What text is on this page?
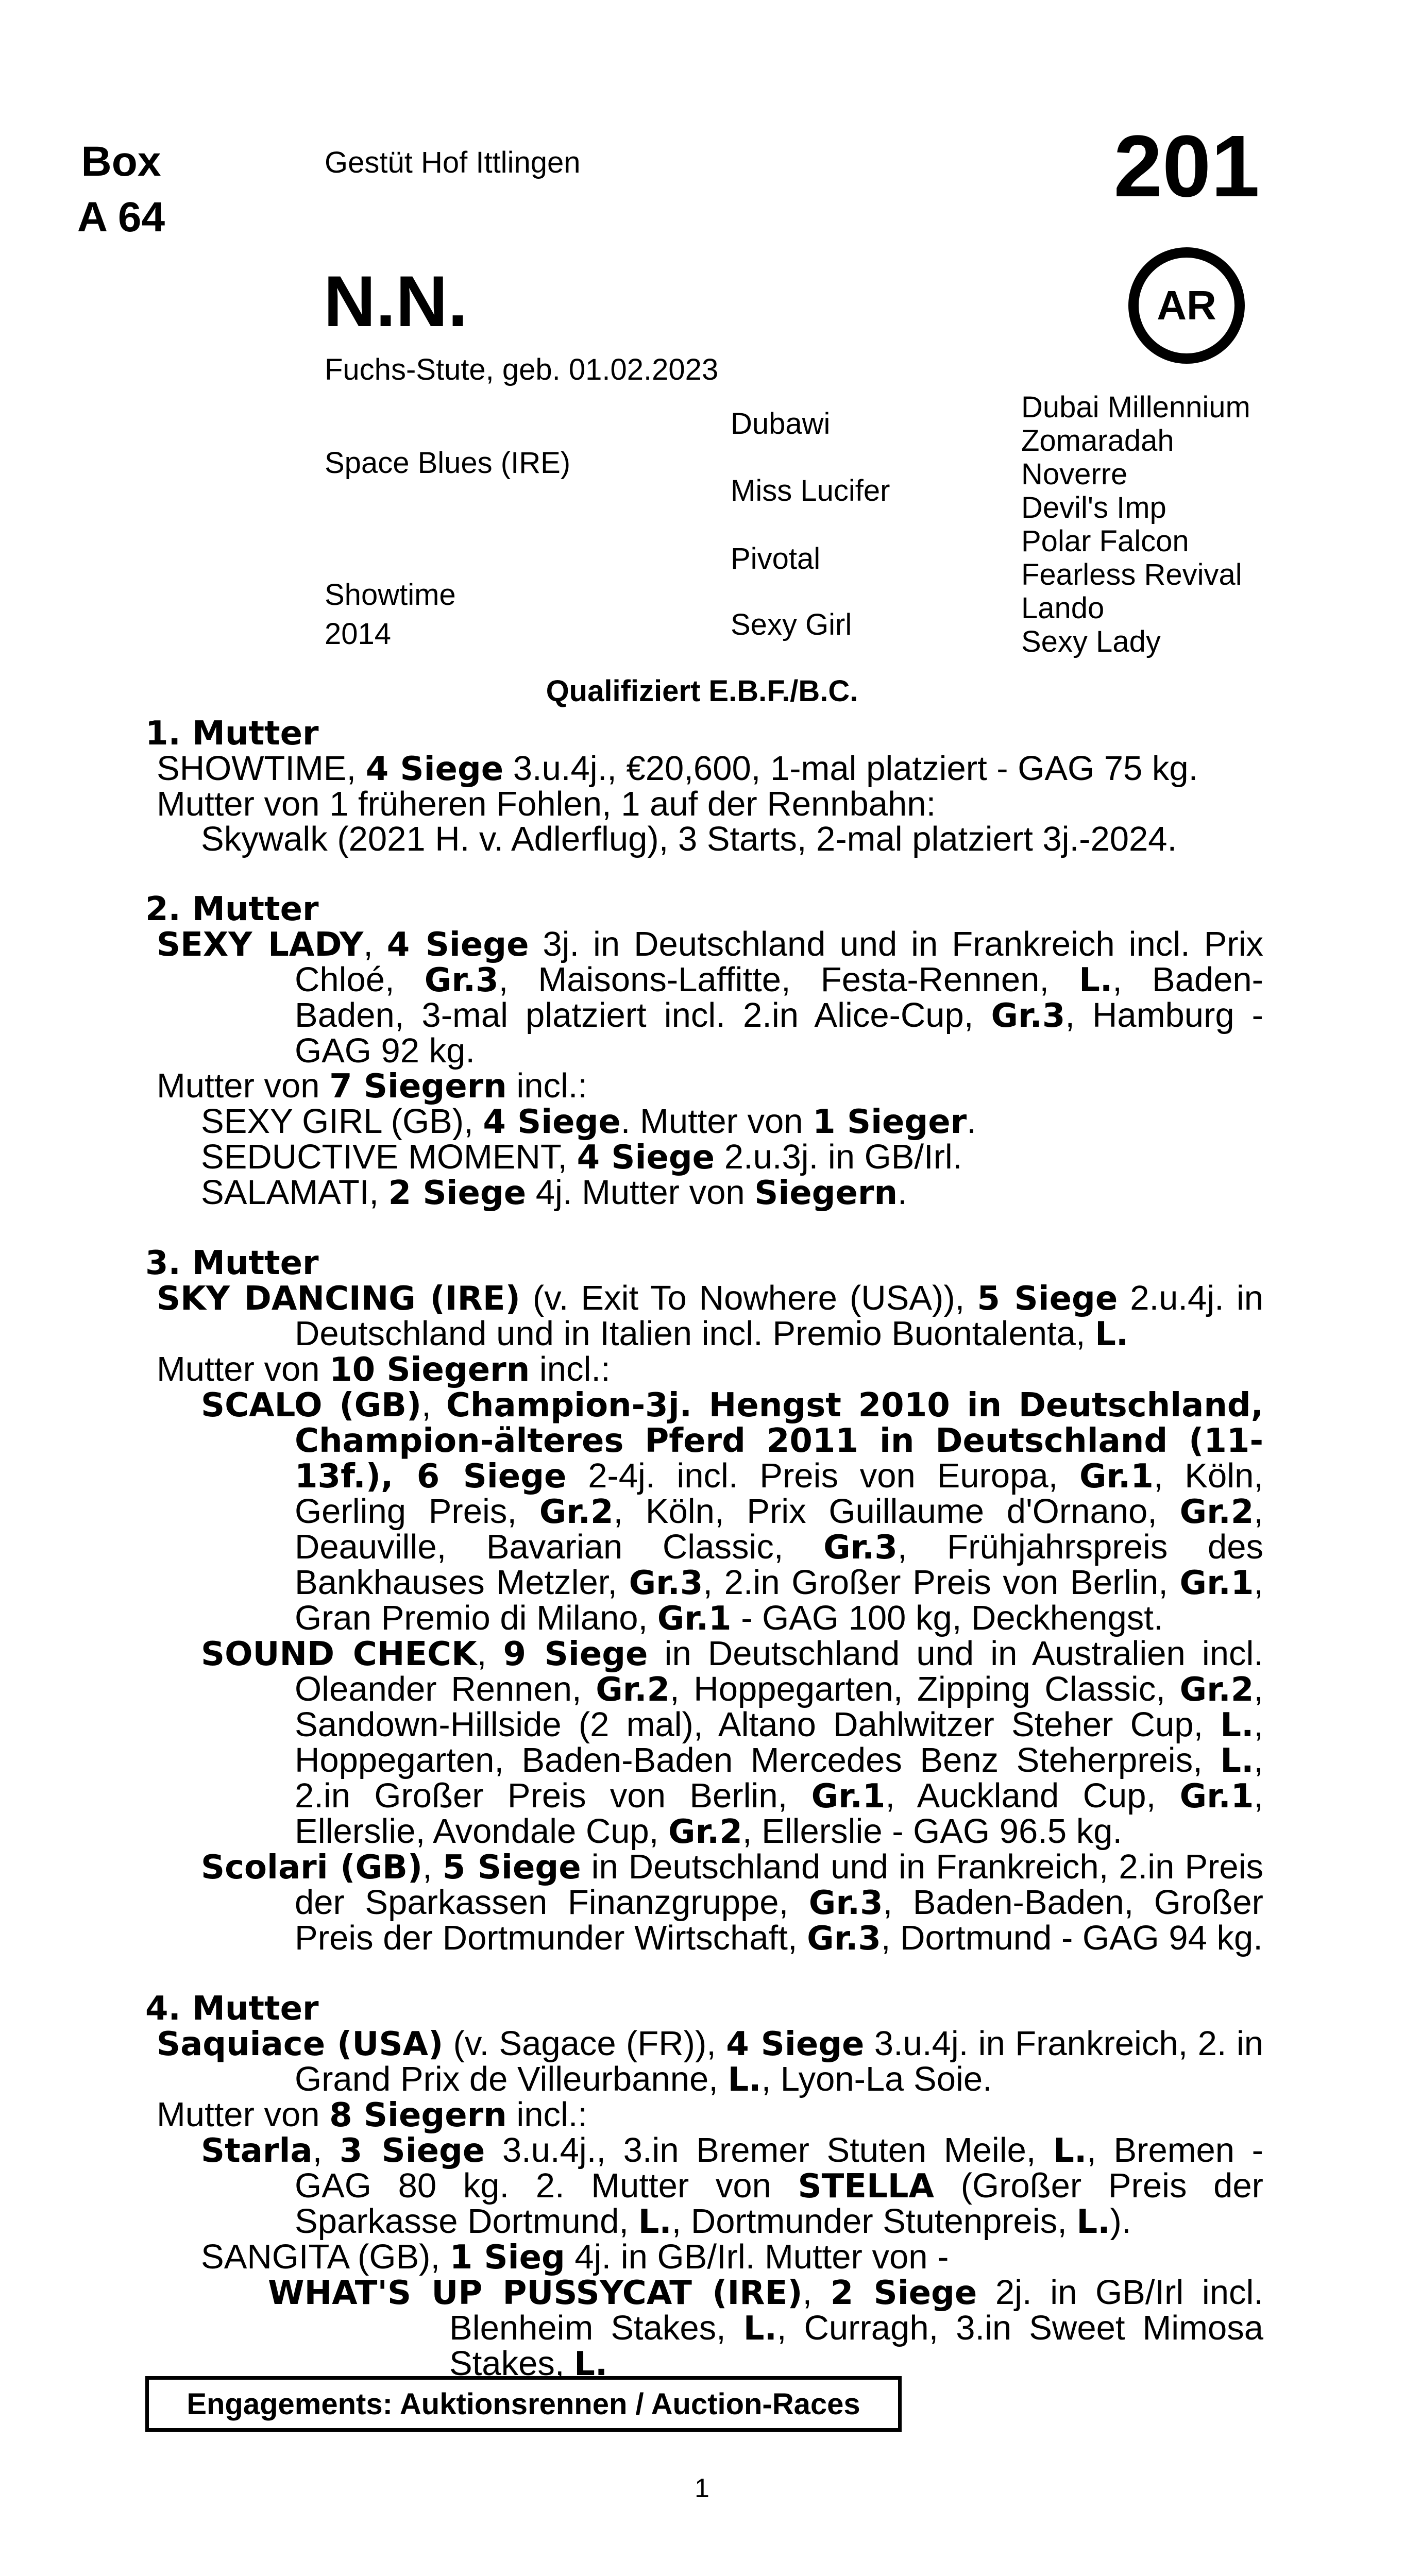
Box
A 64
Gestüt Hof Ittlingen	201
AR
N.N.
Fuchs-Stute, geb. 01.02.2023
Space Blues (IRE)
Showtime
2014
Dubawi
Miss Lucifer
Pivotal
Sexy Girl
Dubai Millennium
Zomaradah
Noverre
Devil's Imp
Polar Falcon
Fearless Revival
Lando
Sexy Lady
Qualifiziert E.B.F./B.C.
1. Mutter
SHOWTIME, 4 Siege 3.u.4j., €20,600, 1-mal platziert - GAG 75 kg.
Mutter von 1 früheren Fohlen, 1 auf der Rennbahn:
Skywalk (2021 H. v. Adlerflug), 3 Starts, 2-mal platziert 3j.-2024.
2. Mutter
SEXY LADY, 4 Siege 3j. in Deutschland und in Frankreich incl. Prix Chloé, Gr.3, Maisons-Laffitte, Festa-Rennen, L., Baden-Baden, 3-mal platziert incl. 2.in Alice-Cup, Gr.3, Hamburg - GAG 92 kg.
Mutter von 7 Siegern incl.:
SEXY GIRL (GB), 4 Siege. Mutter von 1 Sieger.
SEDUCTIVE MOMENT, 4 Siege 2.u.3j. in GB/Irl.
SALAMATI, 2 Siege 4j. Mutter von Siegern.
3. Mutter
SKY DANCING (IRE) (v. Exit To Nowhere (USA)), 5 Siege 2.u.4j. in Deutschland und in Italien incl. Premio Buontalenta, L.
Mutter von 10 Siegern incl.:
SCALO (GB), Champion-3j. Hengst 2010 in Deutschland, Champion-älteres Pferd 2011 in Deutschland (11-13f.), 6 Siege 2-4j. incl. Preis von Europa, Gr.1, Köln, Gerling Preis, Gr.2, Köln, Prix Guillaume d'Ornano, Gr.2, Deauville, Bavarian Classic, Gr.3, Frühjahrspreis des Bankhauses Metzler, Gr.3, 2.in Großer Preis von Berlin, Gr.1, Gran Premio di Milano, Gr.1 - GAG 100 kg, Deckhengst.
SOUND CHECK, 9 Siege in Deutschland und in Australien incl. Oleander Rennen, Gr.2, Hoppegarten, Zipping Classic, Gr.2, Sandown-Hillside (2 mal), Altano Dahlwitzer Steher Cup, L., Hoppegarten, Baden-Baden Mercedes Benz Steherpreis, L., 2.in Großer Preis von Berlin, Gr.1, Auckland Cup, Gr.1, Ellerslie, Avondale Cup, Gr.2, Ellerslie - GAG 96.5 kg.
Scolari (GB), 5 Siege in Deutschland und in Frankreich, 2.in Preis der Sparkassen Finanzgruppe, Gr.3, Baden-Baden, Großer Preis der Dortmunder Wirtschaft, Gr.3, Dortmund - GAG 94 kg.
4. Mutter
Saquiace (USA) (v. Sagace (FR)), 4 Siege 3.u.4j. in Frankreich, 2. in Grand Prix de Villeurbanne, L., Lyon-La Soie.
Mutter von 8 Siegern incl.:
Starla, 3 Siege 3.u.4j., 3.in Bremer Stuten Meile, L., Bremen - GAG 80 kg. 2. Mutter von STELLA (Großer Preis der Sparkasse Dortmund, L., Dortmunder Stutenpreis, L.).
SANGITA (GB), 1 Sieg 4j. in GB/Irl. Mutter von -
WHAT'S UP PUSSYCAT (IRE), 2 Siege 2j. in GB/Irl incl. Blenheim Stakes, L., Curragh, 3.in Sweet Mimosa Stakes, L.
Engagements: Auktionsrennen / Auction-Races
1
